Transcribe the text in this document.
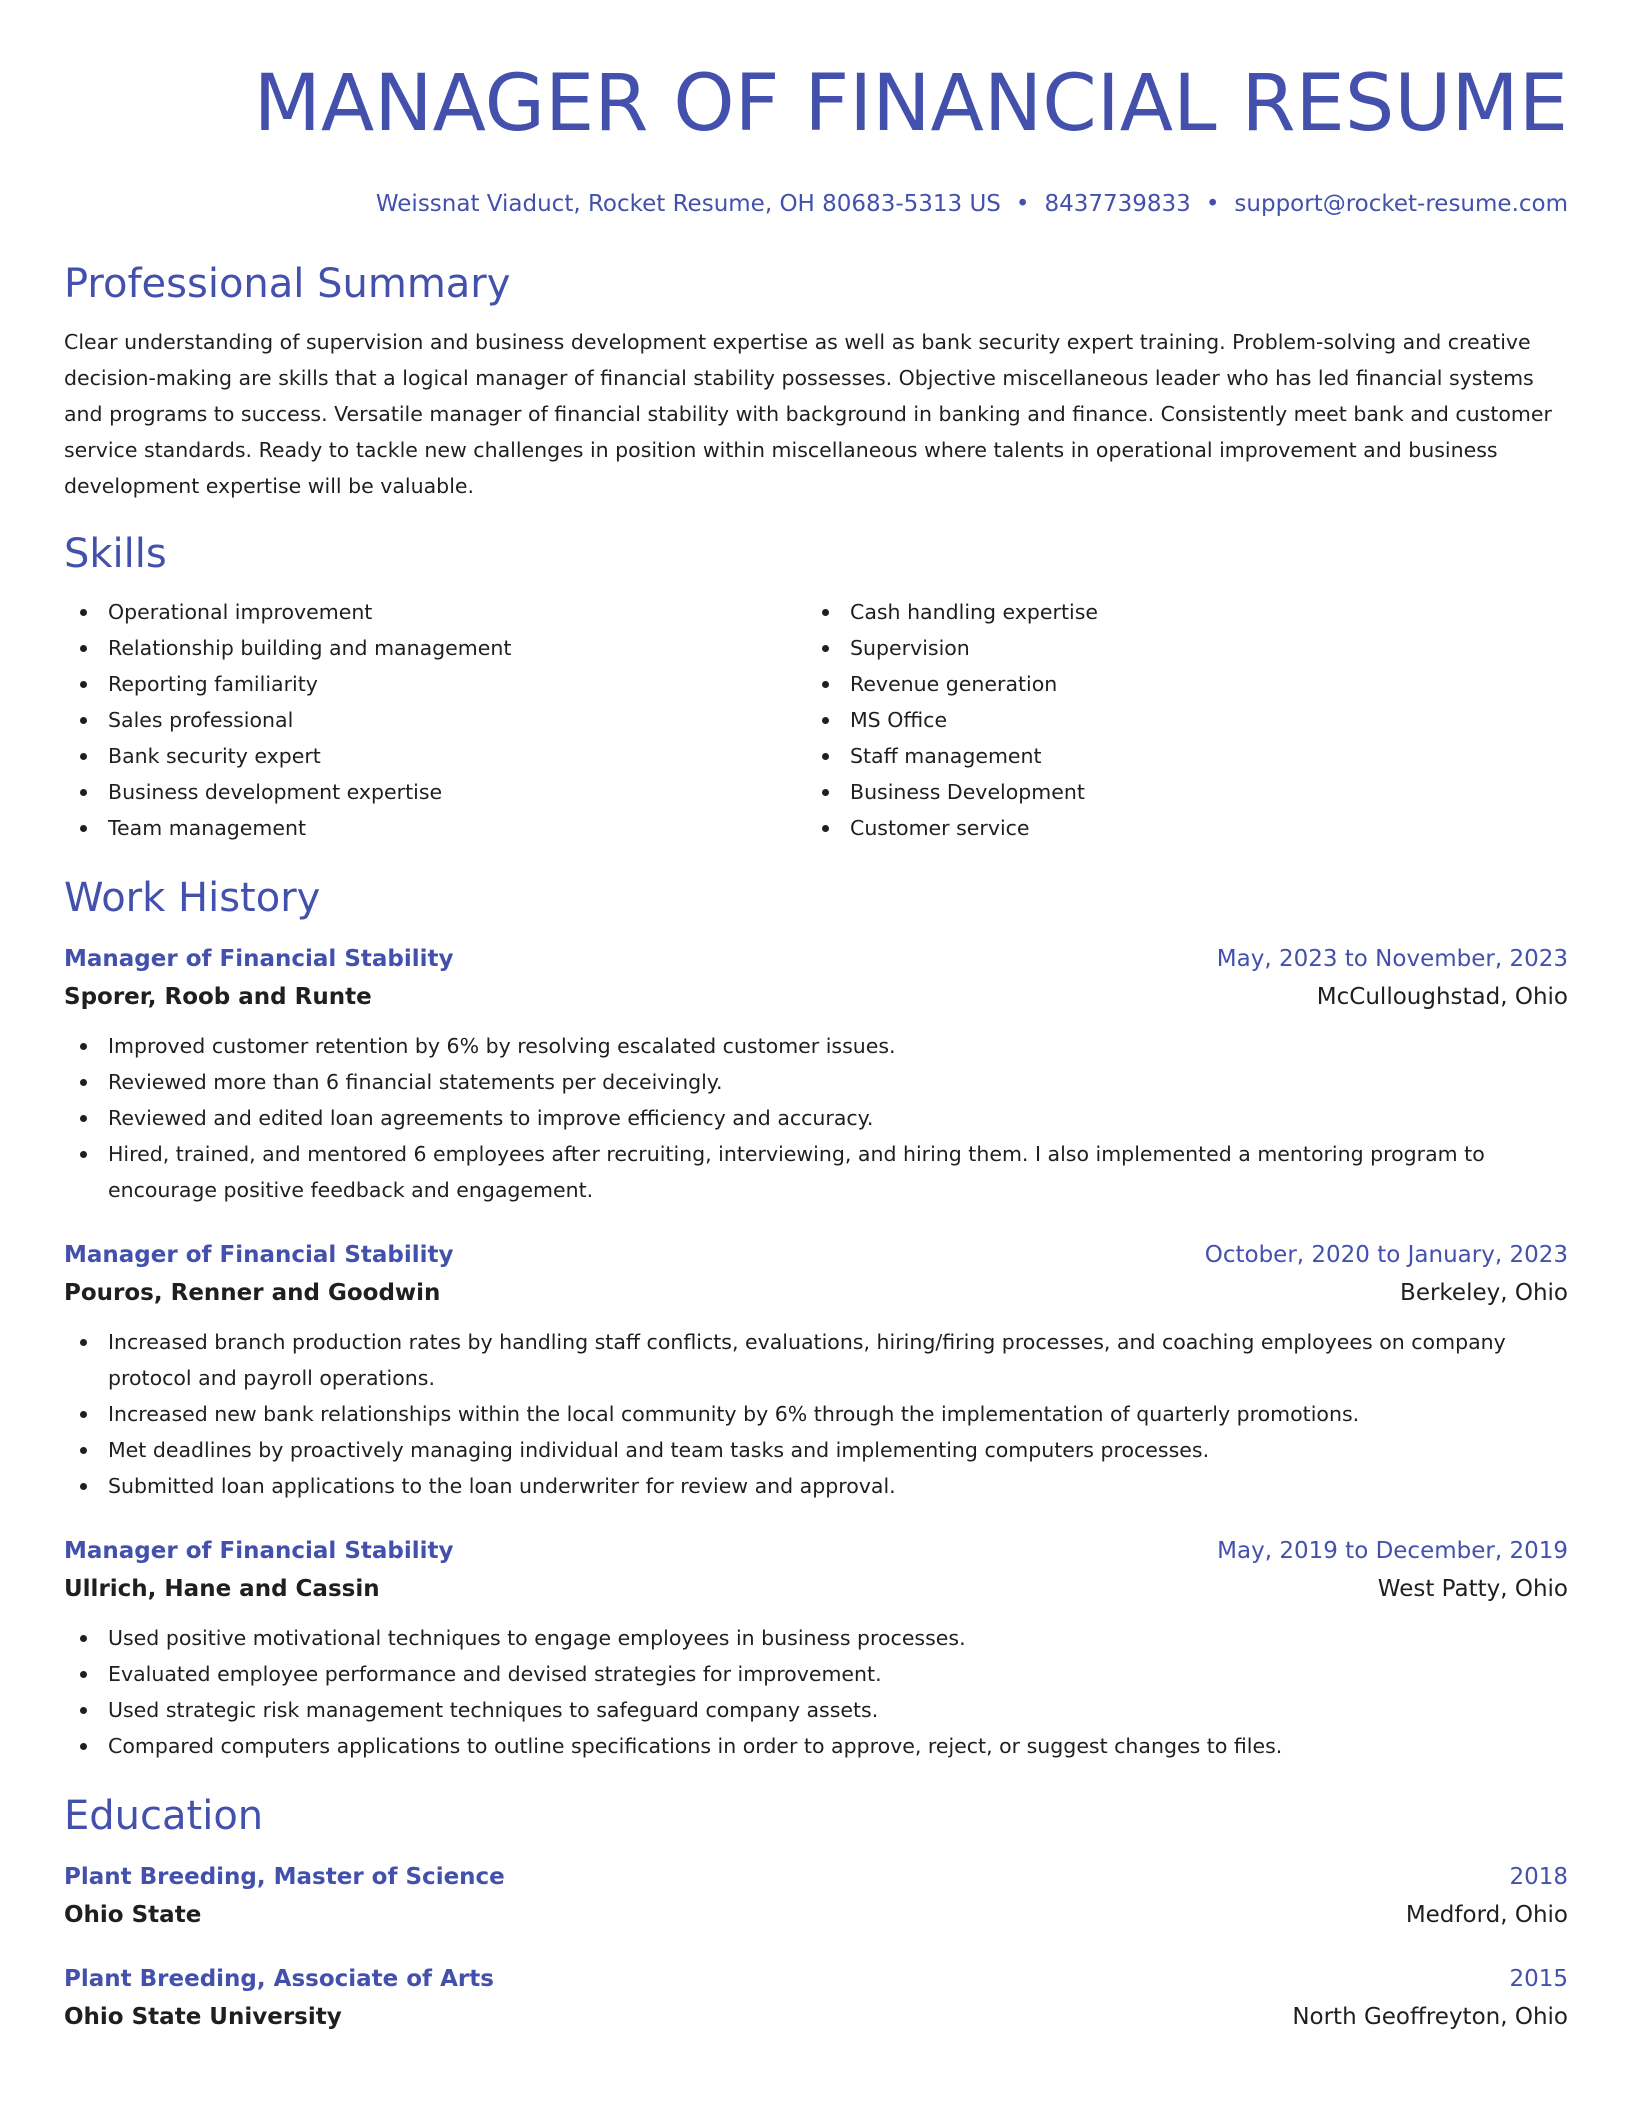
MANAGER OF FINANCIAL RESUME
Weissnat Viaduct, Rocket Resume, OH 80683-5313 US • 8437739833 • support@rocket-resume.com
Professional Summary

Clear understanding of supervision and business development expertise as well as bank security expert training. Problem-solving and creative decision-making are skills that a logical manager of financial stability possesses. Objective miscellaneous leader who has led financial systems and programs to success. Versatile manager of financial stability with background in banking and finance. Consistently meet bank and customer service standards. Ready to tackle new challenges in position within miscellaneous where talents in operational improvement and business development expertise will be valuable.

Skills
Operational improvement
Relationship building and management
Reporting familiarity
Sales professional
Bank security expert
Business development expertise
Team management
Cash handling expertise
Supervision
Revenue generation
MS Office
Staff management
Business Development
Customer service
Work History
Manager of Financial Stability	May, 2023 to November, 2023
Sporer, Roob and Runte	McCulloughstad, Ohio
Improved customer retention by 6% by resolving escalated customer issues.
Reviewed more than 6 financial statements per deceivingly.
Reviewed and edited loan agreements to improve efficiency and accuracy.
Hired, trained, and mentored 6 employees after recruiting, interviewing, and hiring them. I also implemented a mentoring program to encourage positive feedback and engagement.
Manager of Financial Stability	October, 2020 to January, 2023
Pouros, Renner and Goodwin	Berkeley, Ohio
Increased branch production rates by handling staff conflicts, evaluations, hiring/firing processes, and coaching employees on company protocol and payroll operations.
Increased new bank relationships within the local community by 6% through the implementation of quarterly promotions.
Met deadlines by proactively managing individual and team tasks and implementing computers processes.
Submitted loan applications to the loan underwriter for review and approval.
Manager of Financial Stability	May, 2019 to December, 2019
Ullrich, Hane and Cassin	West Patty, Ohio
Used positive motivational techniques to engage employees in business processes.
Evaluated employee performance and devised strategies for improvement.
Used strategic risk management techniques to safeguard company assets.
Compared computers applications to outline specifications in order to approve, reject, or suggest changes to files.
Education
Plant Breeding, Master of Science	2018
Ohio State	Medford, Ohio
Plant Breeding, Associate of Arts	2015
Ohio State University	North Geoffreyton, Ohio
